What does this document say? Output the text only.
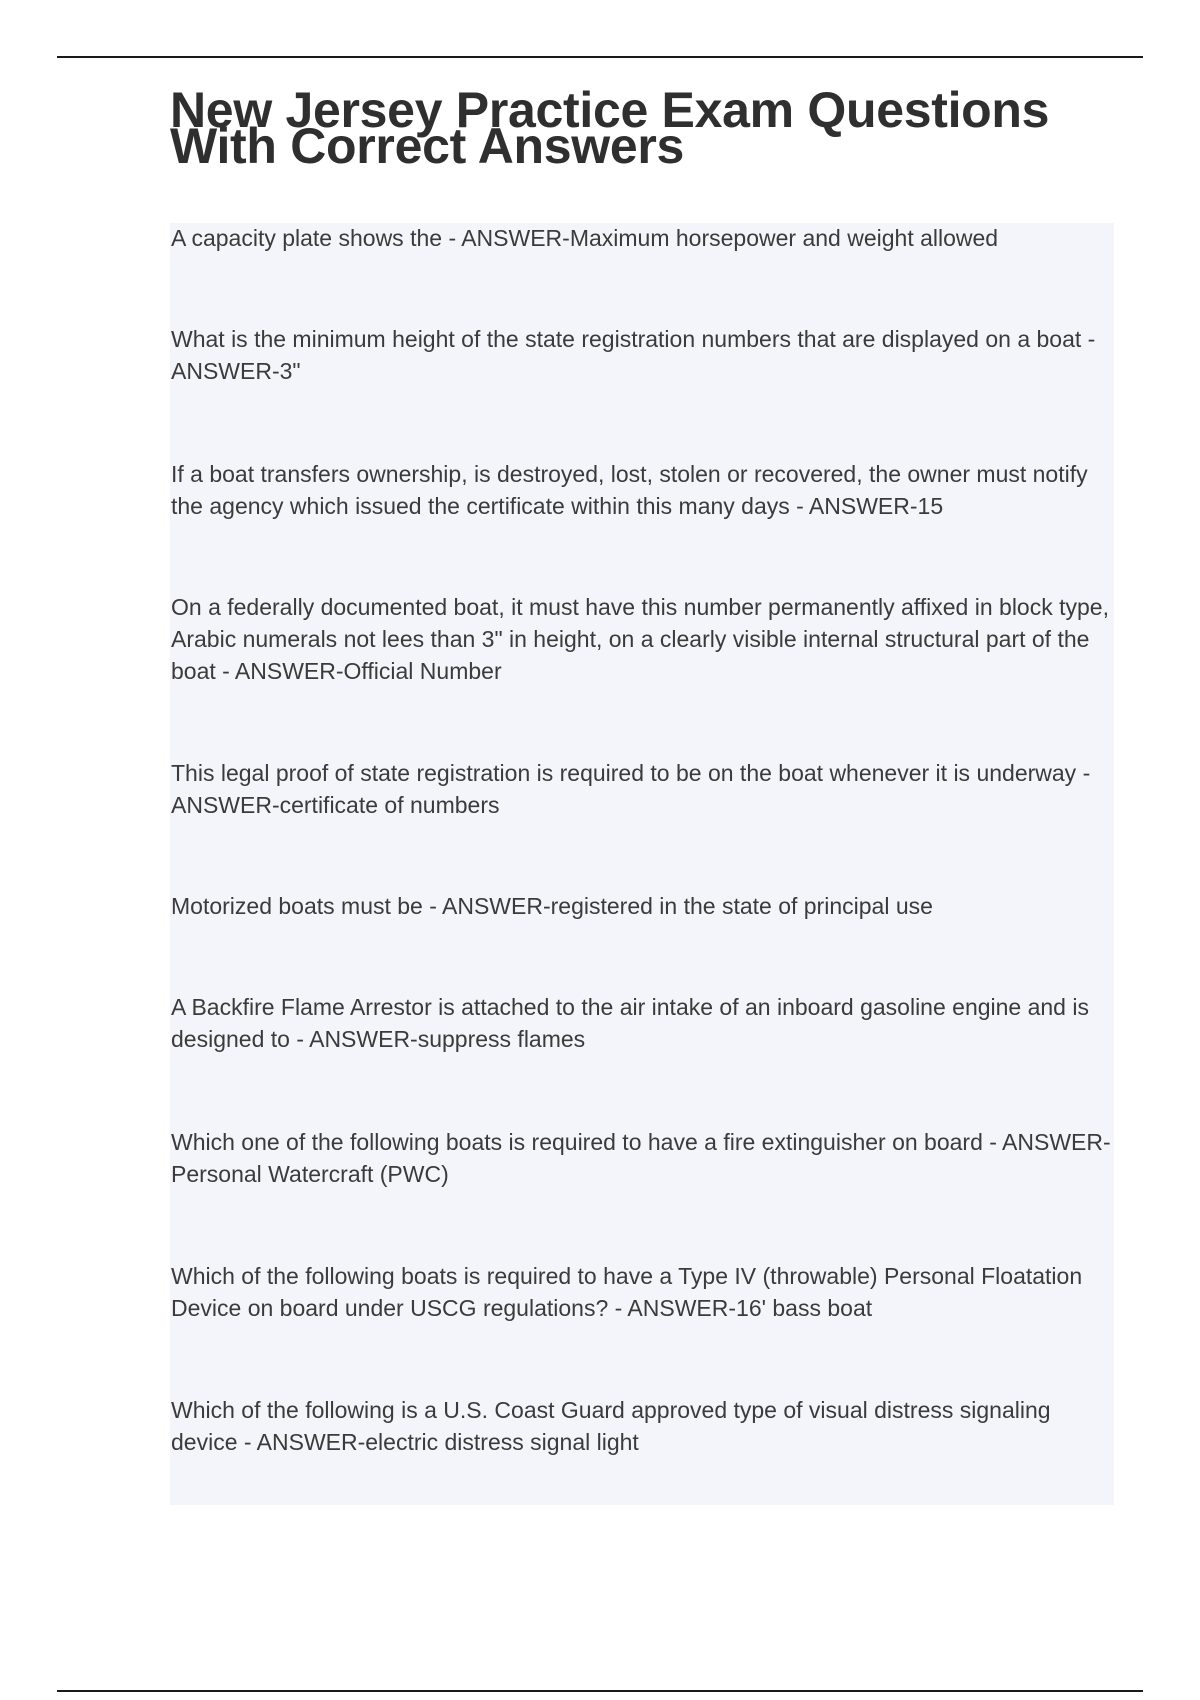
New Jersey Practice Exam Questions With Correct Answers

A capacity plate shows the - ANSWER-Maximum horsepower and weight allowed

What is the minimum height of the state registration numbers that are displayed on a boat - ANSWER-3"

If a boat transfers ownership, is destroyed, lost, stolen or recovered, the owner must notify the agency which issued the certificate within this many days - ANSWER-15

On a federally documented boat, it must have this number permanently affixed in block type, Arabic numerals not lees than 3" in height, on a clearly visible internal structural part of the boat - ANSWER-Official Number

This legal proof of state registration is required to be on the boat whenever it is underway - ANSWER-certificate of numbers

Motorized boats must be - ANSWER-registered in the state of principal use

A Backfire Flame Arrestor is attached to the air intake of an inboard gasoline engine and is designed to - ANSWER-suppress flames

Which one of the following boats is required to have a fire extinguisher on board - ANSWER-Personal Watercraft (PWC)

Which of the following boats is required to have a Type IV (throwable) Personal Floatation Device on board under USCG regulations? - ANSWER-16' bass boat

Which of the following is a U.S. Coast Guard approved type of visual distress signaling device - ANSWER-electric distress signal light
